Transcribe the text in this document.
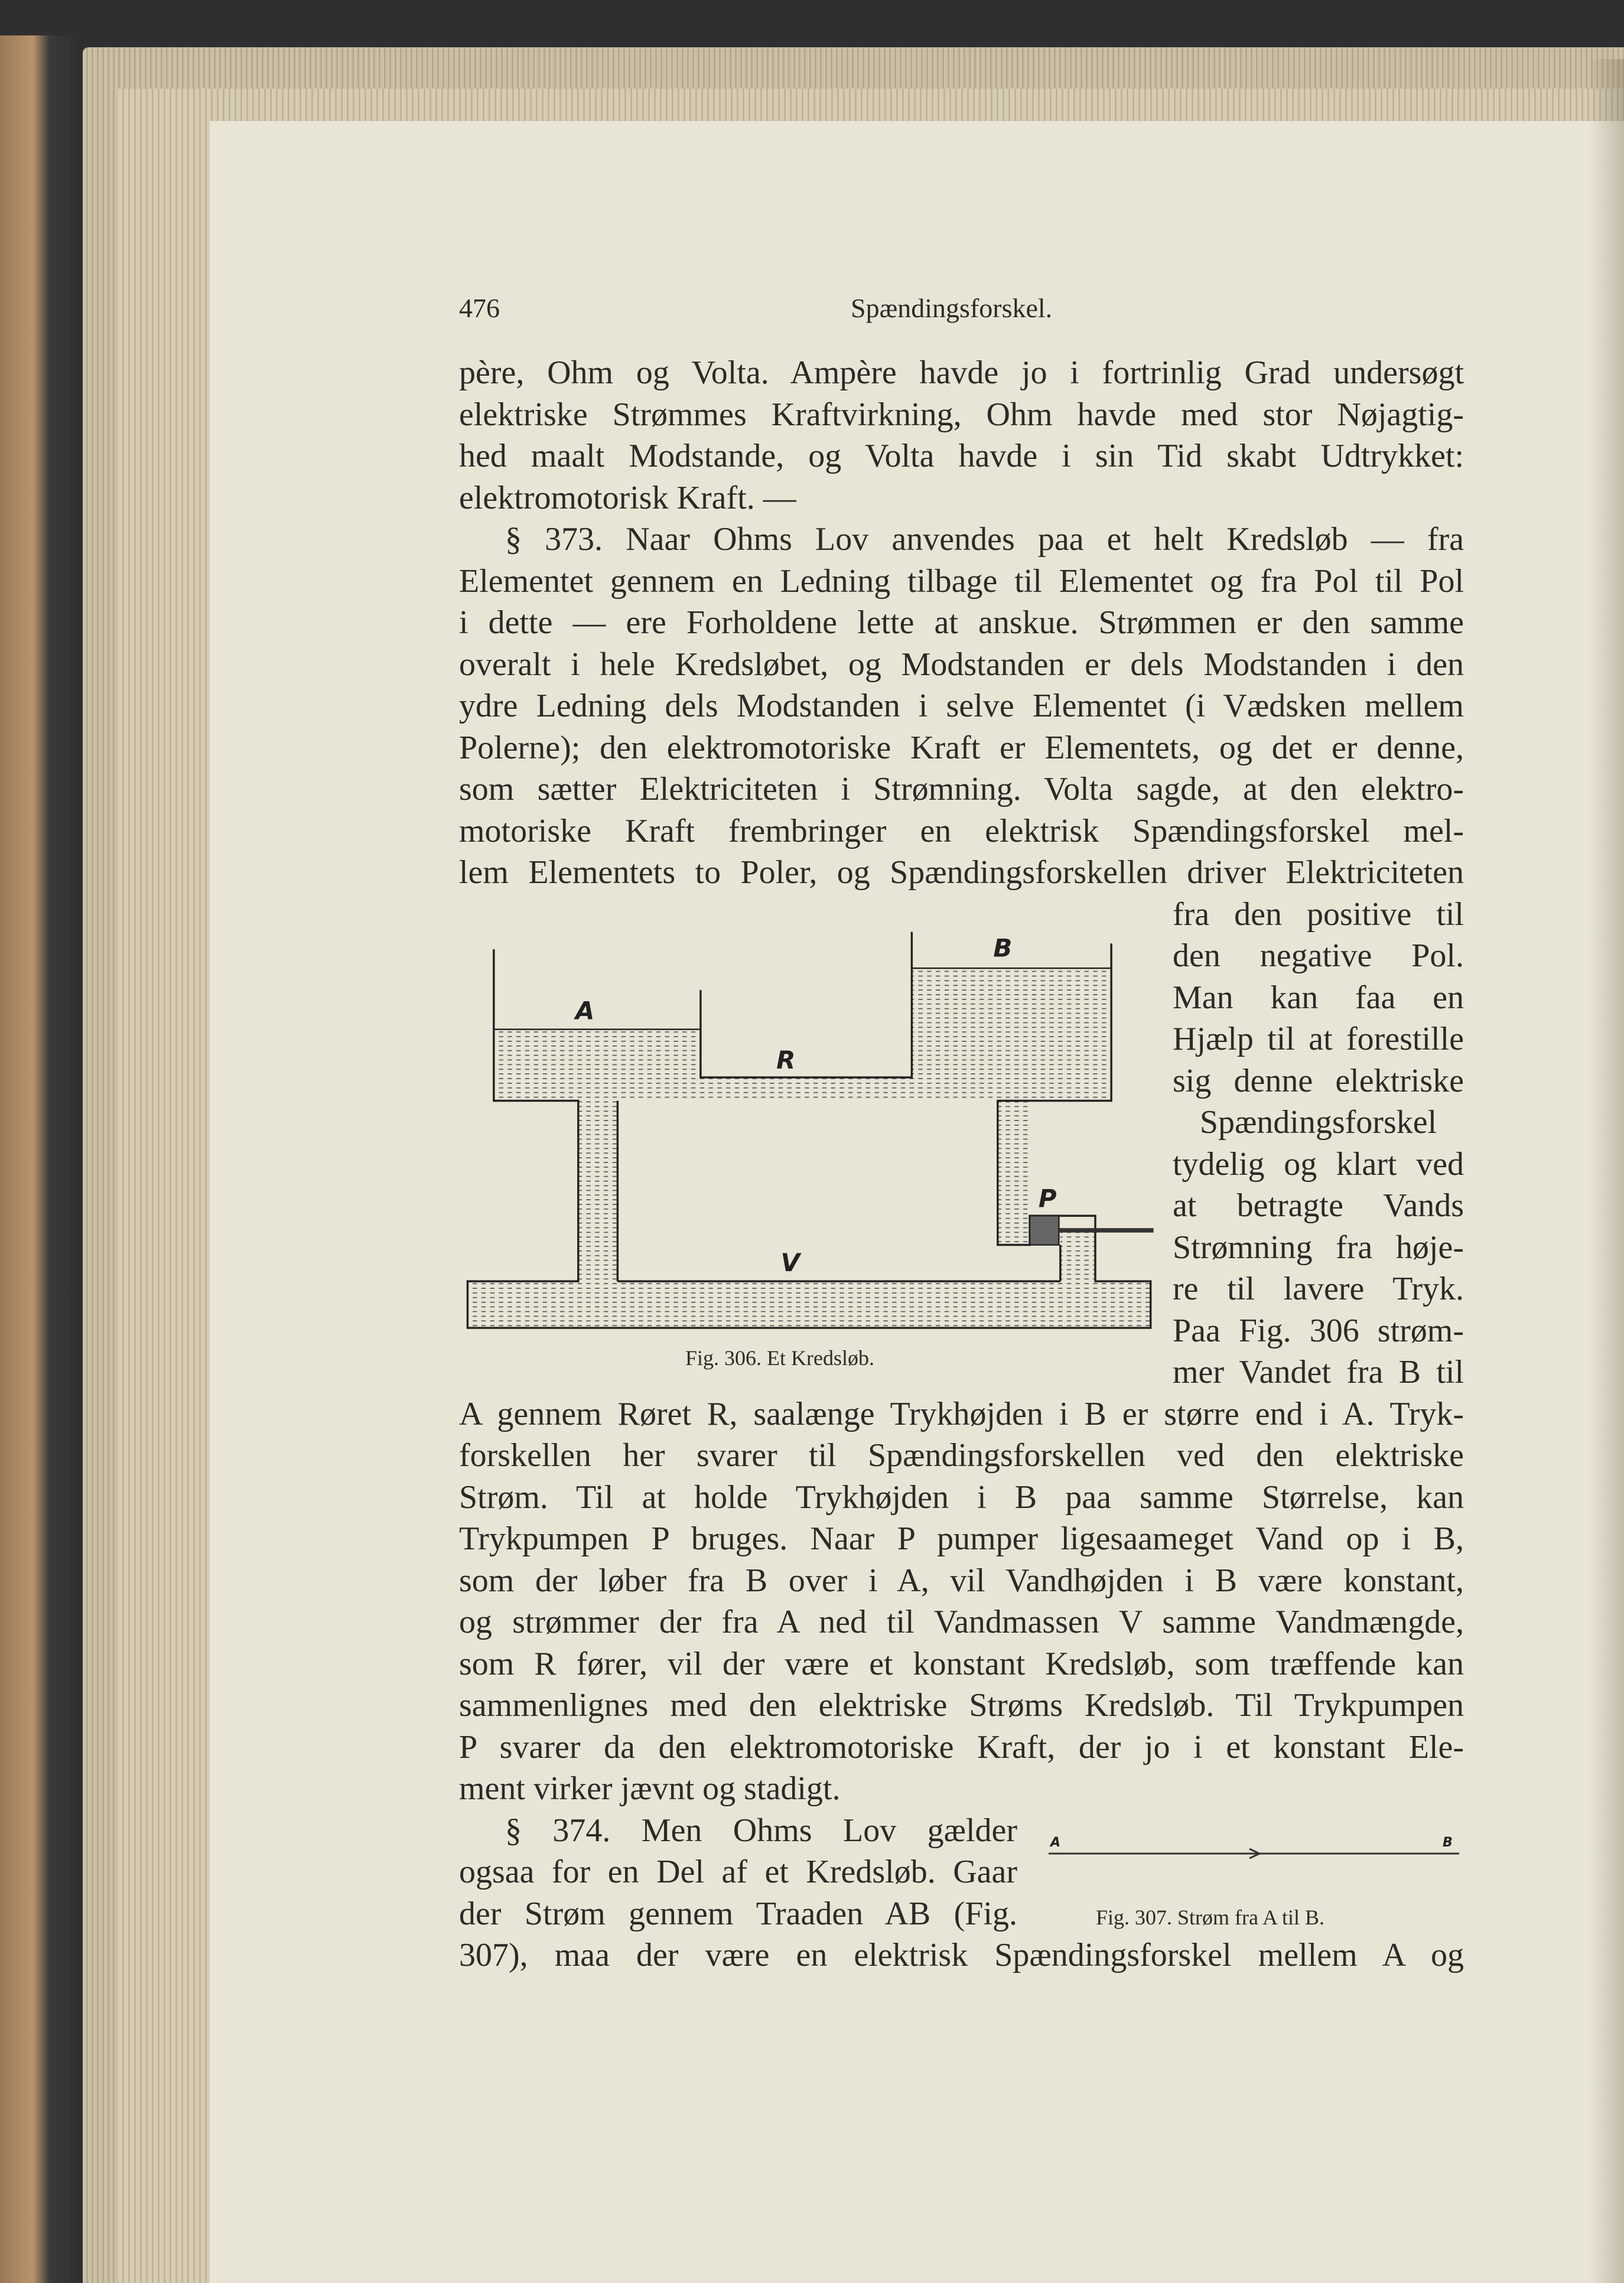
476	Spændingsforskel.
père, Ohm og Volta. Ampère havde jo i fortrinlig Grad undersøgt
elektriske Strømmes Kraftvirkning, Ohm havde med stor Nøjagtig-
hed maalt Modstande, og Volta havde i sin Tid skabt Udtrykket:
elektromotorisk Kraft. —
§ 373. Naar Ohms Lov anvendes paa et helt Kredsløb — fra
Elementet gennem en Ledning tilbage til Elementet og fra Pol til Pol
i dette — ere Forholdene lette at anskue. Strømmen er den samme
overalt i hele Kredsløbet, og Modstanden er dels Modstanden i den
ydre Ledning dels Modstanden i selve Elementet (i Vædsken mellem
Polerne); den elektromotoriske Kraft er Elementets, og det er denne,
som sætter Elektriciteten i Strømning. Volta sagde, at den elektro-
motoriske Kraft frembringer en elektrisk Spændingsforskel mel-
lem Elementets to Poler, og Spændingsforskellen driver Elektriciteten
fra den positive til
den negative Pol.
Man kan faa en
Hjælp til at forestille
sig denne elektriske
Spændingsforskel
tydelig og klart ved
at betragte Vands
Strømning fra høje-
re til lavere Tryk.
Paa Fig. 306 strøm-
mer Vandet fra B til
A gennem Røret R, saalænge Trykhøjden i B er større end i A. Tryk-
forskellen her svarer til Spændingsforskellen ved den elektriske
Strøm. Til at holde Trykhøjden i B paa samme Størrelse, kan
Trykpumpen P bruges. Naar P pumper ligesaameget Vand op i B,
som der løber fra B over i A, vil Vandhøjden i B være konstant,
og strømmer der fra A ned til Vandmassen V samme Vandmængde,
som R fører, vil der være et konstant Kredsløb, som træffende kan
sammenlignes med den elektriske Strøms Kredsløb. Til Trykpumpen
P svarer da den elektromotoriske Kraft, der jo i et konstant Ele-
ment virker jævnt og stadigt.
§ 374. Men Ohms Lov gælder
ogsaa for en Del af et Kredsløb. Gaar
der Strøm gennem Traaden AB (Fig.
307), maa der være en elektrisk Spændingsforskel mellem A og
A
B
R
P
V
Fig. 306. Et Kredsløb.
A	B
Fig. 307. Strøm fra A til B.
